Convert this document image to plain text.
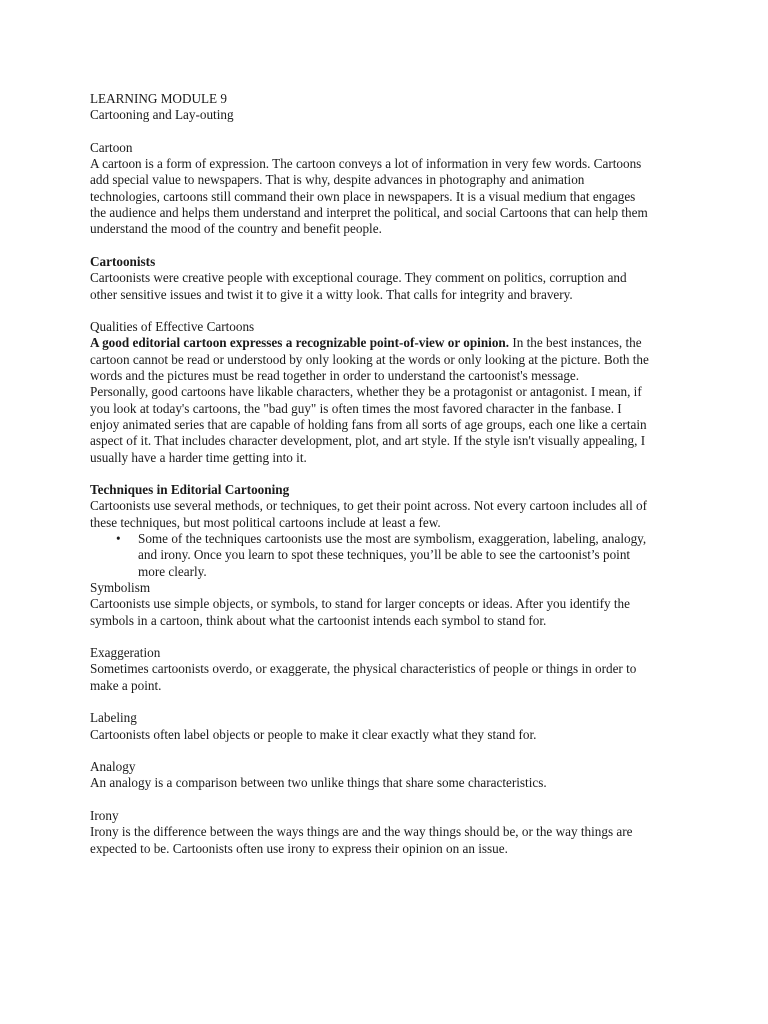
LEARNING MODULE 9
Cartooning and Lay-outing
Cartoon
A cartoon is a form of expression. The cartoon conveys a lot of information in very few words. Cartoons
add special value to newspapers. That is why, despite advances in photography and animation
technologies, cartoons still command their own place in newspapers. It is a visual medium that engages
the audience and helps them understand and interpret the political, and social Cartoons that can help them
understand the mood of the country and benefit people.
Cartoonists
Cartoonists were creative people with exceptional courage. They comment on politics, corruption and
other sensitive issues and twist it to give it a witty look. That calls for integrity and bravery.
Qualities of Effective Cartoons
A good editorial cartoon expresses a recognizable point-of-view or opinion. In the best instances, the
cartoon cannot be read or understood by only looking at the words or only looking at the picture. Both the
words and the pictures must be read together in order to understand the cartoonist's message.
Personally, good cartoons have likable characters, whether they be a protagonist or antagonist. I mean, if
you look at today's cartoons, the "bad guy" is often times the most favored character in the fanbase. I
enjoy animated series that are capable of holding fans from all sorts of age groups, each one like a certain
aspect of it. That includes character development, plot, and art style. If the style isn't visually appealing, I
usually have a harder time getting into it.
Techniques in Editorial Cartooning
Cartoonists use several methods, or techniques, to get their point across. Not every cartoon includes all of
these techniques, but most political cartoons include at least a few.
• Some of the techniques cartoonists use the most are symbolism, exaggeration, labeling, analogy,
and irony. Once you learn to spot these techniques, you’ll be able to see the cartoonist’s point
more clearly.
Symbolism
Cartoonists use simple objects, or symbols, to stand for larger concepts or ideas. After you identify the
symbols in a cartoon, think about what the cartoonist intends each symbol to stand for.
Exaggeration
Sometimes cartoonists overdo, or exaggerate, the physical characteristics of people or things in order to
make a point.
Labeling
Cartoonists often label objects or people to make it clear exactly what they stand for.
Analogy
An analogy is a comparison between two unlike things that share some characteristics.
Irony
Irony is the difference between the ways things are and the way things should be, or the way things are
expected to be. Cartoonists often use irony to express their opinion on an issue.
